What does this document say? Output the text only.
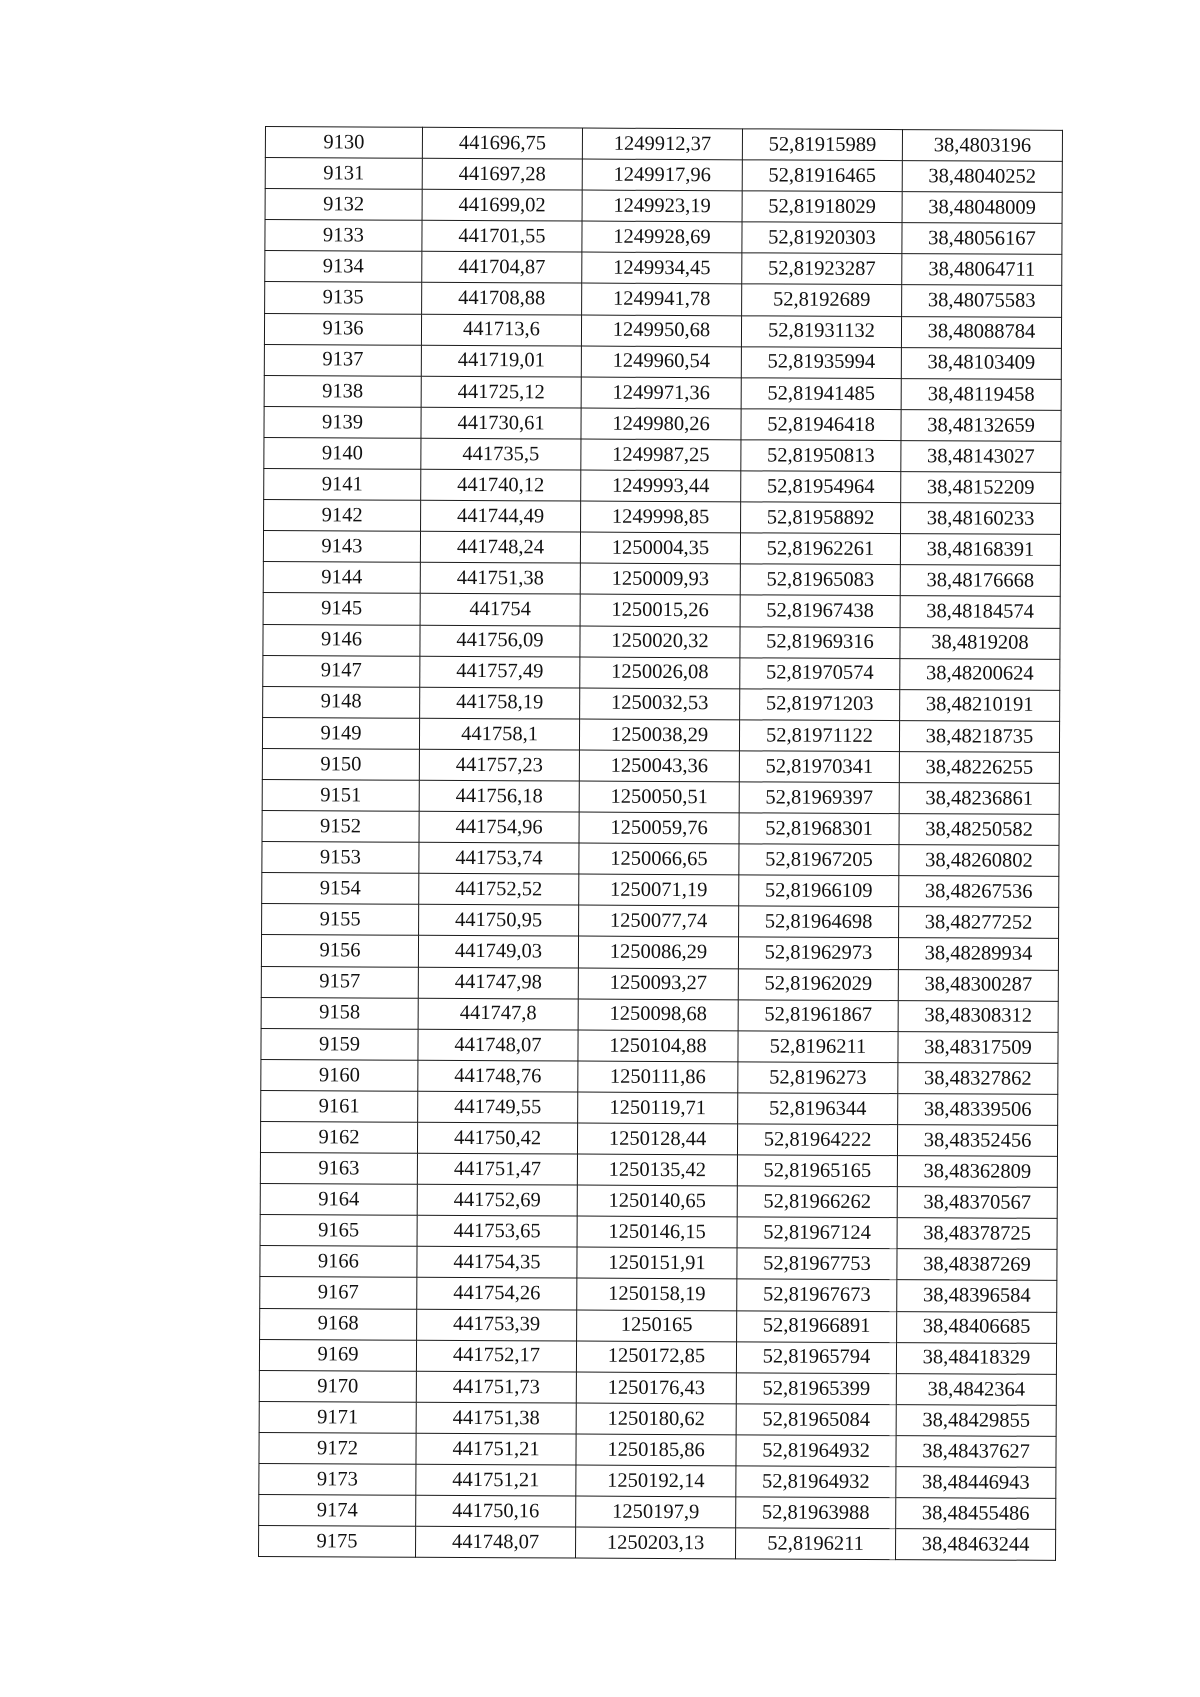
9130	441696,75	1249912,37	52,81915989	38,4803196
9131	441697,28	1249917,96	52,81916465	38,48040252
9132	441699,02	1249923,19	52,81918029	38,48048009
9133	441701,55	1249928,69	52,81920303	38,48056167
9134	441704,87	1249934,45	52,81923287	38,48064711
9135	441708,88	1249941,78	52,8192689	38,48075583
9136	441713,6	1249950,68	52,81931132	38,48088784
9137	441719,01	1249960,54	52,81935994	38,48103409
9138	441725,12	1249971,36	52,81941485	38,48119458
9139	441730,61	1249980,26	52,81946418	38,48132659
9140	441735,5	1249987,25	52,81950813	38,48143027
9141	441740,12	1249993,44	52,81954964	38,48152209
9142	441744,49	1249998,85	52,81958892	38,48160233
9143	441748,24	1250004,35	52,81962261	38,48168391
9144	441751,38	1250009,93	52,81965083	38,48176668
9145	441754	1250015,26	52,81967438	38,48184574
9146	441756,09	1250020,32	52,81969316	38,4819208
9147	441757,49	1250026,08	52,81970574	38,48200624
9148	441758,19	1250032,53	52,81971203	38,48210191
9149	441758,1	1250038,29	52,81971122	38,48218735
9150	441757,23	1250043,36	52,81970341	38,48226255
9151	441756,18	1250050,51	52,81969397	38,48236861
9152	441754,96	1250059,76	52,81968301	38,48250582
9153	441753,74	1250066,65	52,81967205	38,48260802
9154	441752,52	1250071,19	52,81966109	38,48267536
9155	441750,95	1250077,74	52,81964698	38,48277252
9156	441749,03	1250086,29	52,81962973	38,48289934
9157	441747,98	1250093,27	52,81962029	38,48300287
9158	441747,8	1250098,68	52,81961867	38,48308312
9159	441748,07	1250104,88	52,8196211	38,48317509
9160	441748,76	1250111,86	52,8196273	38,48327862
9161	441749,55	1250119,71	52,8196344	38,48339506
9162	441750,42	1250128,44	52,81964222	38,48352456
9163	441751,47	1250135,42	52,81965165	38,48362809
9164	441752,69	1250140,65	52,81966262	38,48370567
9165	441753,65	1250146,15	52,81967124	38,48378725
9166	441754,35	1250151,91	52,81967753	38,48387269
9167	441754,26	1250158,19	52,81967673	38,48396584
9168	441753,39	1250165	52,81966891	38,48406685
9169	441752,17	1250172,85	52,81965794	38,48418329
9170	441751,73	1250176,43	52,81965399	38,4842364
9171	441751,38	1250180,62	52,81965084	38,48429855
9172	441751,21	1250185,86	52,81964932	38,48437627
9173	441751,21	1250192,14	52,81964932	38,48446943
9174	441750,16	1250197,9	52,81963988	38,48455486
9175	441748,07	1250203,13	52,8196211	38,48463244
